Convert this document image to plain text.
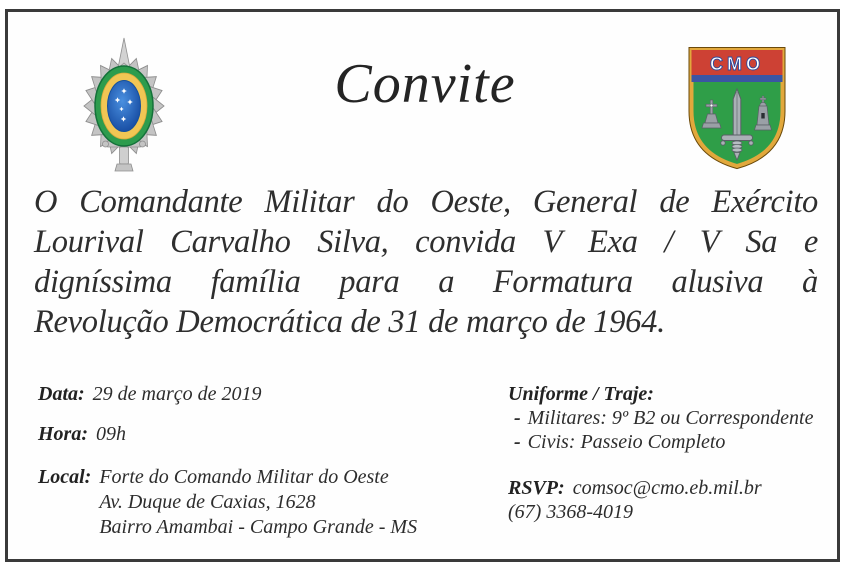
Convite	CMO
O Comandante Militar do Oeste, General de Exército
Lourival Carvalho Silva, convida V Exa / V Sa e
digníssima família para a Formatura alusiva à
Revolução Democrática de 31 de março de 1964.
Data: 29 de março de 2019
Hora: 09h
Local: Forte do Comando Militar do Oeste
Av. Duque de Caxias, 1628
Bairro Amambai - Campo Grande - MS
Uniforme / Traje:
- Militares: 9º B2 ou Correspondente
- Civis: Passeio Completo
RSVP: comsoc@cmo.eb.mil.br
(67) 3368-4019
